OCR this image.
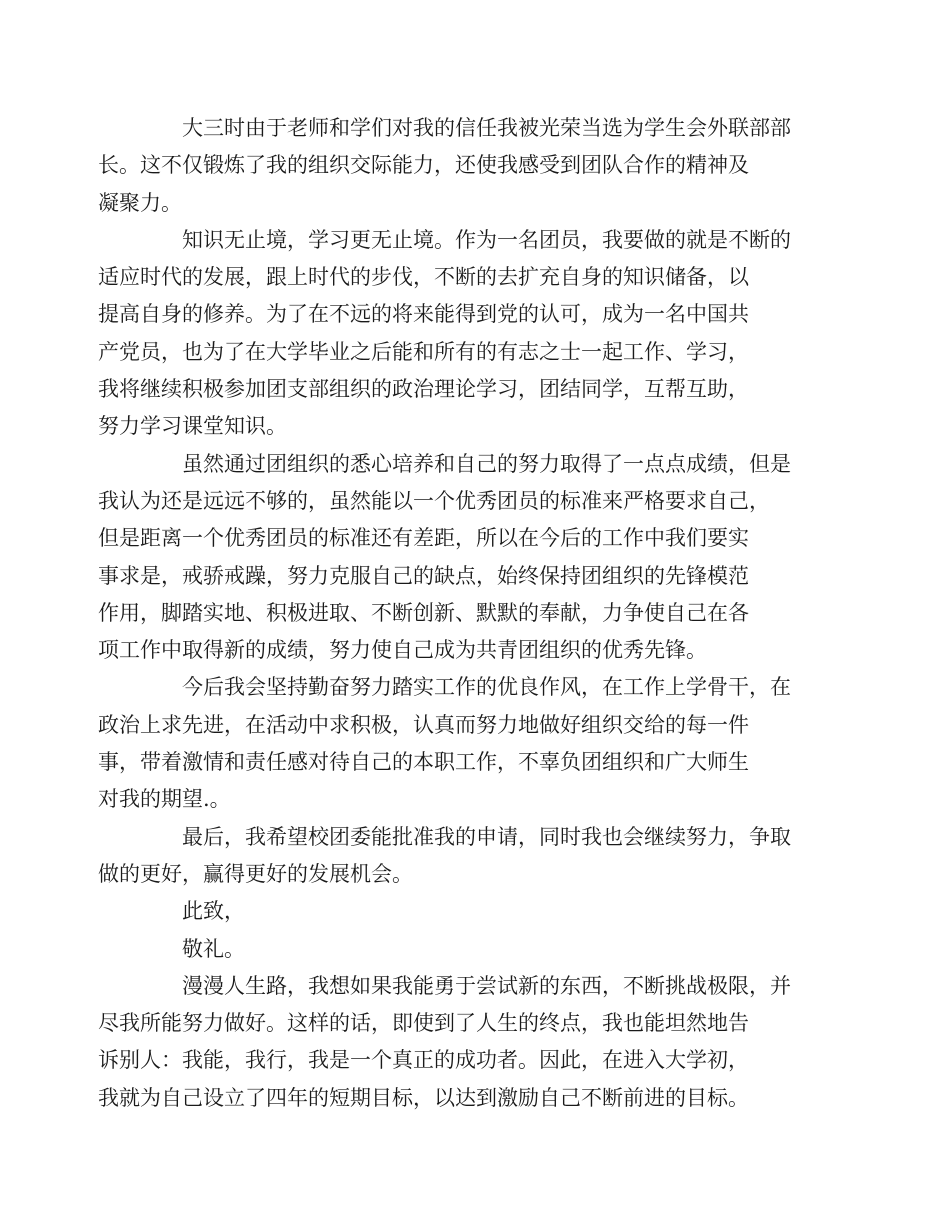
大三时由于老师和学们对我的信任我被光荣当选为学生会外联部部
长。这不仅锻炼了我的组织交际能力，还使我感受到团队合作的精神及
凝聚力。

知识无止境，学习更无止境。作为一名团员，我要做的就是不断的
适应时代的发展，跟上时代的步伐，不断的去扩充自身的知识储备，以
提高自身的修养。为了在不远的将来能得到党的认可，成为一名中国共
产党员，也为了在大学毕业之后能和所有的有志之士一起工作、学习，
我将继续积极参加团支部组织的政治理论学习，团结同学，互帮互助，
努力学习课堂知识。

虽然通过团组织的悉心培养和自己的努力取得了一点点成绩，但是
我认为还是远远不够的，虽然能以一个优秀团员的标准来严格要求自己，
但是距离一个优秀团员的标准还有差距，所以在今后的工作中我们要实
事求是，戒骄戒躁，努力克服自己的缺点，始终保持团组织的先锋模范
作用，脚踏实地、积极进取、不断创新、默默的奉献，力争使自己在各
项工作中取得新的成绩，努力使自己成为共青团组织的优秀先锋。

今后我会坚持勤奋努力踏实工作的优良作风，在工作上学骨干，在
政治上求先进，在活动中求积极，认真而努力地做好组织交给的每一件
事，带着激情和责任感对待自己的本职工作，不辜负团组织和广大师生
对我的期望.。

最后，我希望校团委能批准我的申请，同时我也会继续努力，争取
做的更好，赢得更好的发展机会。

此致，

敬礼。

漫漫人生路，我想如果我能勇于尝试新的东西，不断挑战极限，并
尽我所能努力做好。这样的话，即使到了人生的终点，我也能坦然地告
诉别人：我能，我行，我是一个真正的成功者。因此，在进入大学初，
我就为自己设立了四年的短期目标，以达到激励自己不断前进的目标。
